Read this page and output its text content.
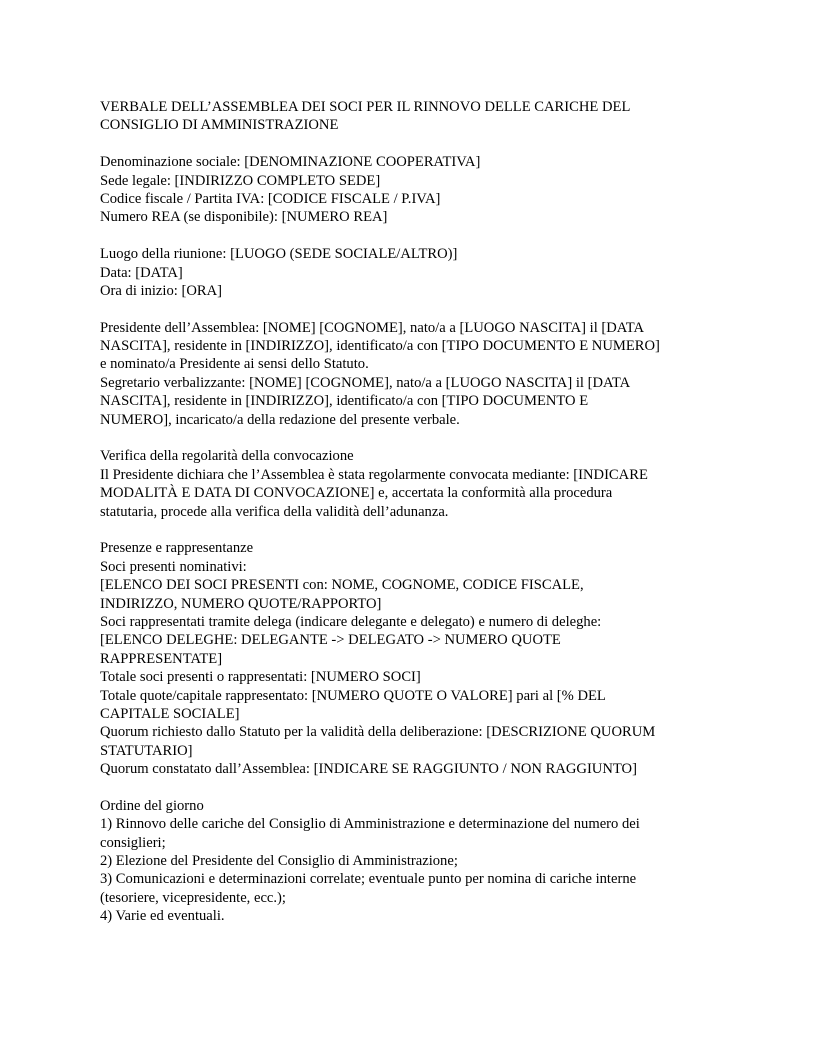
VERBALE DELL’ASSEMBLEA DEI SOCI PER IL RINNOVO DELLE CARICHE DEL
CONSIGLIO DI AMMINISTRAZIONE
Denominazione sociale: [DENOMINAZIONE COOPERATIVA]
Sede legale: [INDIRIZZO COMPLETO SEDE]
Codice fiscale / Partita IVA: [CODICE FISCALE / P.IVA]
Numero REA (se disponibile): [NUMERO REA]
Luogo della riunione: [LUOGO (SEDE SOCIALE/ALTRO)]
Data: [DATA]
Ora di inizio: [ORA]
Presidente dell’Assemblea: [NOME] [COGNOME], nato/a a [LUOGO NASCITA] il [DATA
NASCITA], residente in [INDIRIZZO], identificato/a con [TIPO DOCUMENTO E NUMERO]
e nominato/a Presidente ai sensi dello Statuto.
Segretario verbalizzante: [NOME] [COGNOME], nato/a a [LUOGO NASCITA] il [DATA
NASCITA], residente in [INDIRIZZO], identificato/a con [TIPO DOCUMENTO E
NUMERO], incaricato/a della redazione del presente verbale.
Verifica della regolarità della convocazione
Il Presidente dichiara che l’Assemblea è stata regolarmente convocata mediante: [INDICARE
MODALITÀ E DATA DI CONVOCAZIONE] e, accertata la conformità alla procedura
statutaria, procede alla verifica della validità dell’adunanza.
Presenze e rappresentanze
Soci presenti nominativi:
[ELENCO DEI SOCI PRESENTI con: NOME, COGNOME, CODICE FISCALE,
INDIRIZZO, NUMERO QUOTE/RAPPORTO]
Soci rappresentati tramite delega (indicare delegante e delegato) e numero di deleghe:
[ELENCO DELEGHE: DELEGANTE -> DELEGATO -> NUMERO QUOTE
RAPPRESENTATE]
Totale soci presenti o rappresentati: [NUMERO SOCI]
Totale quote/capitale rappresentato: [NUMERO QUOTE O VALORE] pari al [% DEL
CAPITALE SOCIALE]
Quorum richiesto dallo Statuto per la validità della deliberazione: [DESCRIZIONE QUORUM
STATUTARIO]
Quorum constatato dall’Assemblea: [INDICARE SE RAGGIUNTO / NON RAGGIUNTO]
Ordine del giorno
1) Rinnovo delle cariche del Consiglio di Amministrazione e determinazione del numero dei
consiglieri;
2) Elezione del Presidente del Consiglio di Amministrazione;
3) Comunicazioni e determinazioni correlate; eventuale punto per nomina di cariche interne
(tesoriere, vicepresidente, ecc.);
4) Varie ed eventuali.
